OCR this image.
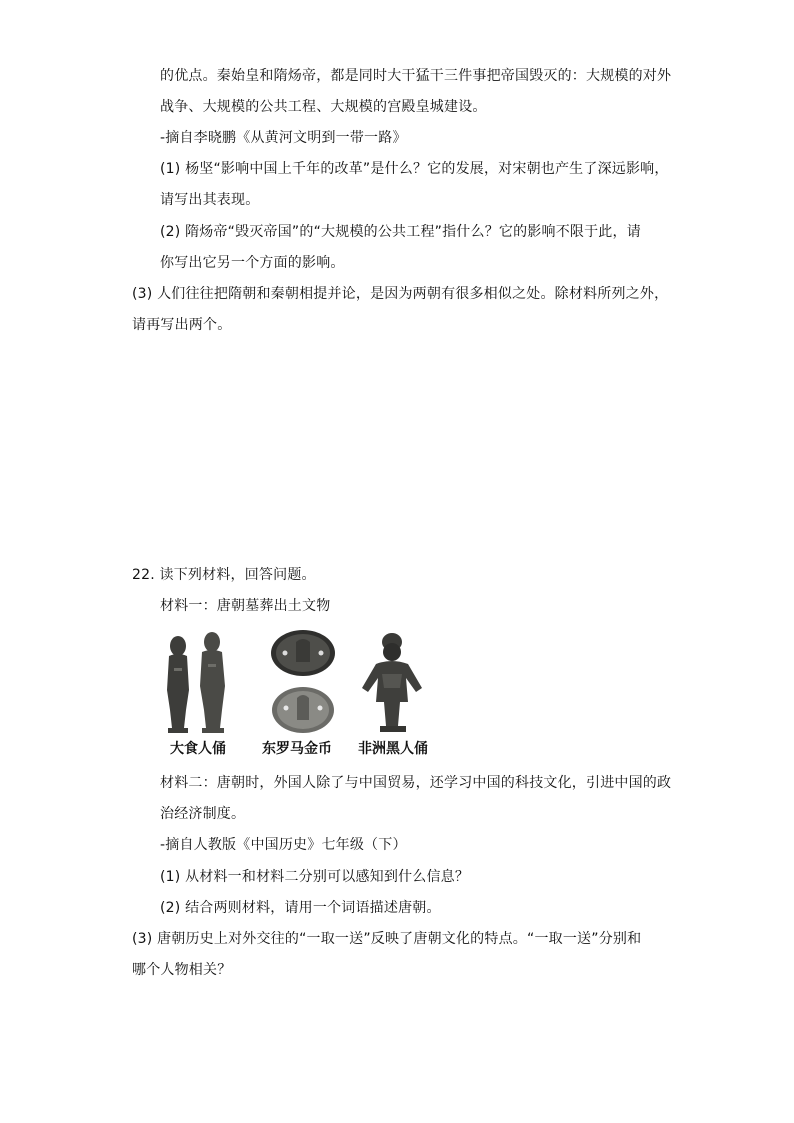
的优点。秦始皇和隋炀帝，都是同时大干猛干三件事把帝国毁灭的：大规模的对外
战争、大规模的公共工程、大规模的宫殿皇城建设。
-摘自李晓鹏《从黄河文明到一带一路》
(1) 杨坚“影响中国上千年的改革”是什么？它的发展，对宋朝也产生了深远影响，
请写出其表现。
(2) 隋炀帝“毁灭帝国”的“大规模的公共工程”指什么？它的影响不限于此，请
你写出它另一个方面的影响。
(3) 人们往往把隋朝和秦朝相提并论，是因为两朝有很多相似之处。除材料所列之外，
请再写出两个。
22. 读下列材料，回答问题。
材料一：唐朝墓葬出土文物
大食人俑	东罗马金币 非洲黑人俑
材料二：唐朝时，外国人除了与中国贸易，还学习中国的科技文化，引进中国的政
治经济制度。
-摘自人教版《中国历史》七年级（下）
(1) 从材料一和材料二分别可以感知到什么信息？
(2) 结合两则材料，请用一个词语描述唐朝。
(3) 唐朝历史上对外交往的“一取一送”反映了唐朝文化的特点。“一取一送”分别和
哪个人物相关？
